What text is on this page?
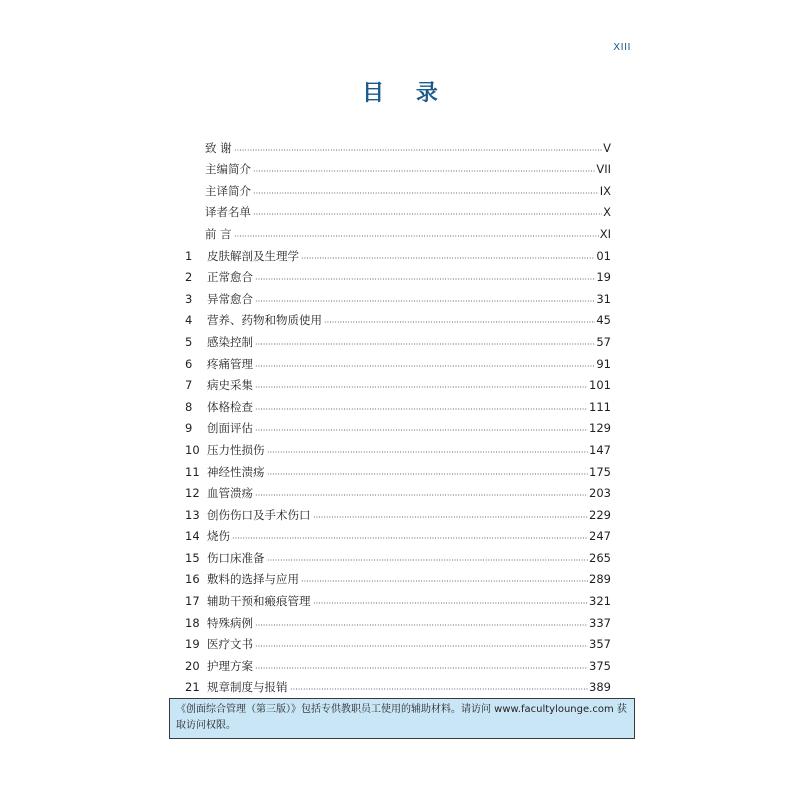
XIII
目 录
致 谢	V
主编简介	VII
主译简介	IX
译者名单	X
前 言	XI
1	皮肤解剖及生理学	01
2	正常愈合	19
3	异常愈合	31
4	营养、药物和物质使用	45
5	感染控制	57
6	疼痛管理	91
7	病史采集	101
8	体格检查	111
9	创面评估	129
10 压力性损伤	147
11 神经性溃疡	175
12 血管溃疡	203
13 创伤伤口及手术伤口	229
14 烧伤	247
15 伤口床准备	265
16 敷料的选择与应用	289
17 辅助干预和瘢痕管理	321
18 特殊病例	337
19 医疗文书	357
20 护理方案	375
21 规章制度与报销	389
《创面综合管理（第三版）》包括专供教职员工使用的辅助材料。请访问 www.facultylounge.com 获取访问权限。
